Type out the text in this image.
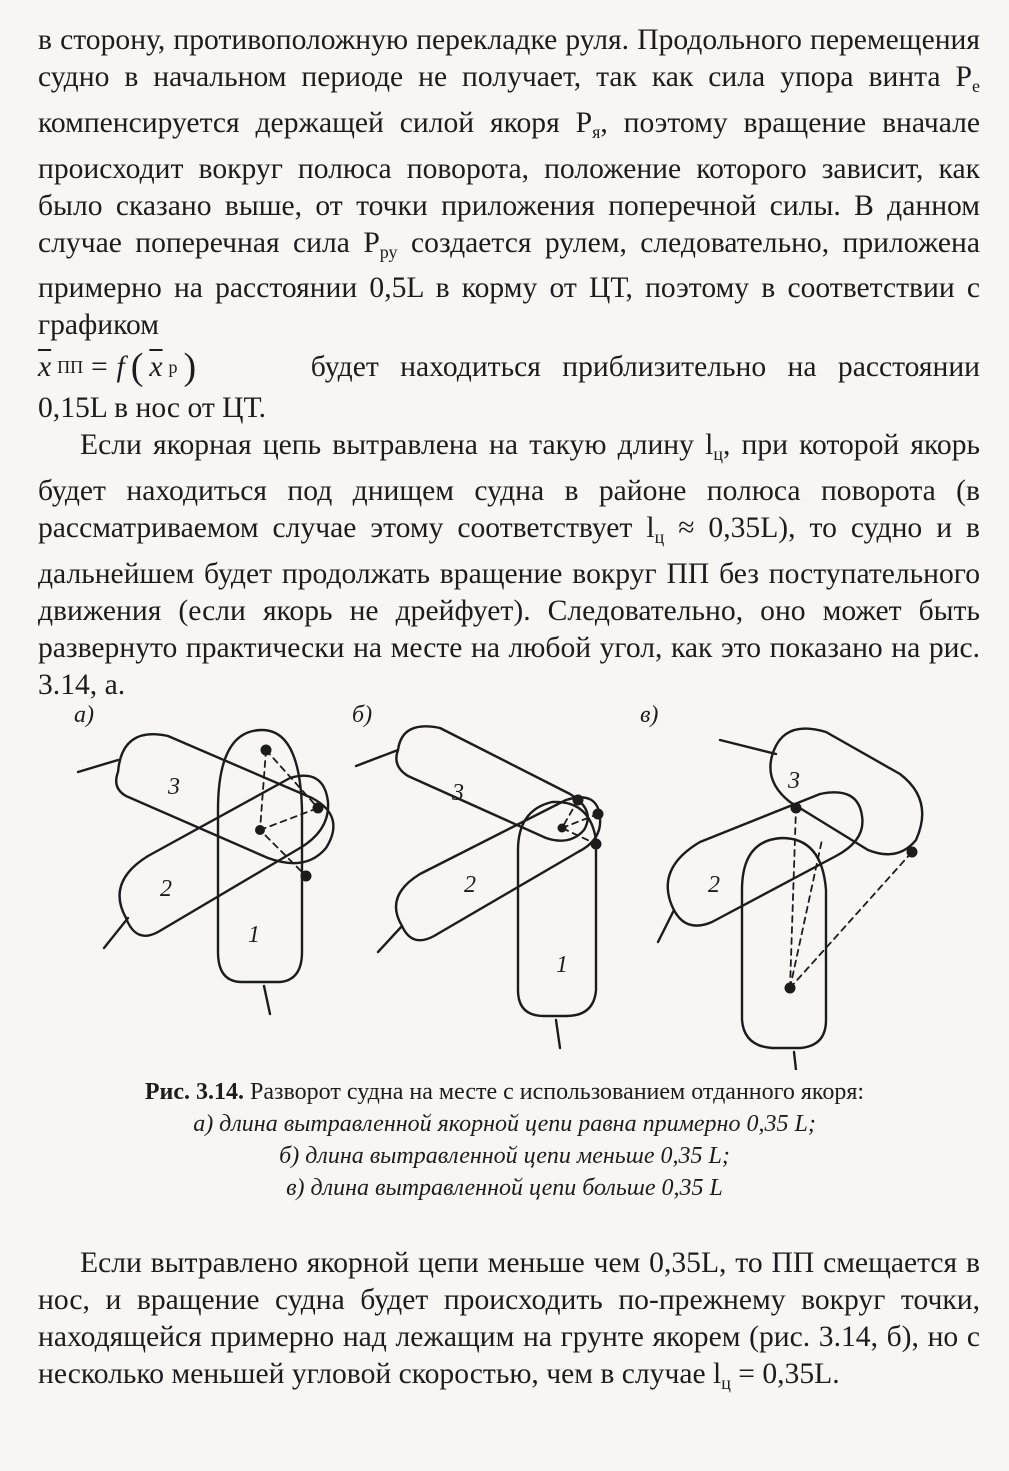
в сторону, противоположную перекладке руля. Продольного перемещения судно в начальном периоде не получает, так как сила упора винта $P_е$ компенсируется держащей силой якоря $P_я$, поэтому вращение вначале происходит вокруг полюса поворота, положение которого зависит, как было сказано выше, от точки приложения поперечной силы. В данном случае поперечная сила $P_{ру}$ создается рулем, следовательно, приложена примерно на расстоянии 0,5L в корму от ЦТ, поэтому в соответствии с графиком

$\overline{x}$ ПП = f ( $\overline{x}$ р )	будет находиться приблизительно на расстоянии

0,15L в нос от ЦТ.

Если якорная цепь вытравлена на такую длину $l_ц$, при которой якорь будет находиться под днищем судна в районе полюса поворота (в рассматриваемом случае этому соответствует $l_ц \approx 0,35L$), то судно и в дальнейшем будет продолжать вращение вокруг ПП без поступательного движения (если якорь не дрейфует). Следовательно, оно может быть развернуто практически на месте на любой угол, как это показано на рис. 3.14, а.

а)	б)	в)
3
2
1
3
2
1
3
2
Рис. 3.14. Разворот судна на месте с использованием отданного якоря:
а) длина вытравленной якорной цепи равна примерно 0,35 L;
б) длина вытравленной цепи меньше 0,35 L;
в) длина вытравленной цепи больше 0,35 L

Если вытравлено якорной цепи меньше чем 0,35L, то ПП смещается в нос, и вращение судна будет происходить по-прежнему вокруг точки, находящейся примерно над лежащим на грунте якорем (рис. 3.14, б), но с несколько меньшей угловой скоростью, чем в случае $l_ц = 0,35L$.
